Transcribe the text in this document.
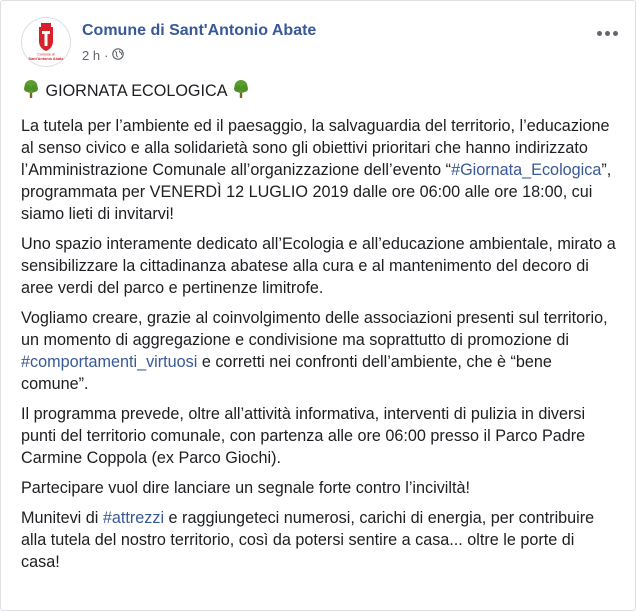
Comune di
Sant'Antonio Abate
Comune di Sant'Antonio Abate
2 h ·

GIORNATA ECOLOGICA

La tutela per l’ambiente ed il paesaggio, la salvaguardia del territorio, l’educazione al senso civico e alla solidarietà sono gli obiettivi prioritari che hanno indirizzato l’Amministrazione Comunale all’organizzazione dell’evento “#Giornata_Ecologica”, programmata per VENERDÌ 12 LUGLIO 2019 dalle ore 06:00 alle ore 18:00, cui siamo lieti di invitarvi!

Uno spazio interamente dedicato all’Ecologia e all’educazione ambientale, mirato a sensibilizzare la cittadinanza abatese alla cura e al mantenimento del decoro di aree verdi del parco e pertinenze limitrofe.

Vogliamo creare, grazie al coinvolgimento delle associazioni presenti sul territorio, un momento di aggregazione e condivisione ma soprattutto di promozione di #comportamenti_virtuosi e corretti nei confronti dell’ambiente, che è “bene comune”.

Il programma prevede, oltre all’attività informativa, interventi di pulizia in diversi punti del territorio comunale, con partenza alle ore 06:00 presso il Parco Padre Carmine Coppola (ex Parco Giochi).

Partecipare vuol dire lanciare un segnale forte contro l’inciviltà!

Munitevi di #attrezzi e raggiungeteci numerosi, carichi di energia, per contribuire alla tutela del nostro territorio, così da potersi sentire a casa... oltre le porte di casa!
